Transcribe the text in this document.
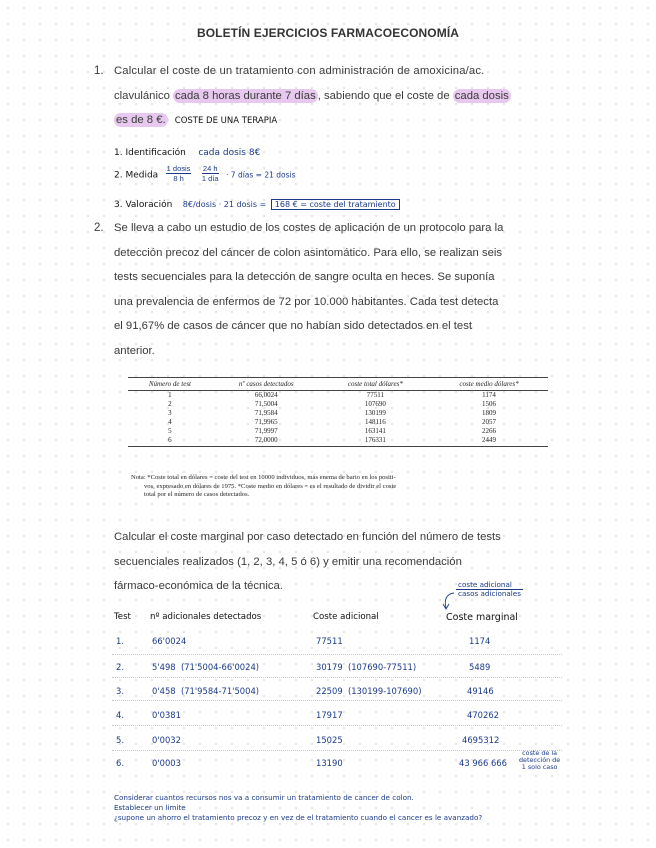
BOLETÍN EJERCICIOS FARMACOECONOMÍA
1. Calcular el coste de un tratamiento con administración de amoxicina/ac.
clavulánico cada 8 horas durante 7 días , sabiendo que el coste de cada dosis
es de 8 €. COSTE DE UNA TERAPIA
1. Identificación cada dosis 8€
2. Medida $\frac{\text{1 dosis}}{8 h} \frac{24 h}{\text{1 día}} \cdot 7$ días = 21 dosis
3. Valoración 8€/dosis · 21 dosis = 168 € = coste del tratamiento
2. Se lleva a cabo un estudio de los costes de aplicación de un protocolo para la
detección precoz del cáncer de colon asintomático. Para ello, se realizan seis
tests secuenciales para la detección de sangre oculta en heces. Se suponía
una prevalencia de enfermos de 72 por 10.000 habitantes. Cada test detecta
el 91,67% de casos de cáncer que no habían sido detectados en el test
anterior.
Número de test	nº casos detectados	coste total dólares*	coste medio dólares*
1	66,0024	77511	1174
2	71,5004	107690	1506
3	71,9584	130199	1809
4	71,9965	148116	2057
5	71,9997	163141	2266
6	72,0000	176331	2449
Nota: *Coste total en dólares = coste del test en 10000 individuos, más enema de bario en los positi-
vos, expresado en dólares de 1975. *Coste medio en dólares = es el resultado de dividir el coste
total por el número de casos detectados.
Calcular el coste marginal por caso detectado en función del número de tests
secuenciales realizados (1, 2, 3, 4, 5 ó 6) y emitir una recomendación
fármaco-económica de la técnica.	coste adicional
casos adicionales
Test nº adicionales detectados	Coste adicional	Coste marginal
1.	66'0024	77511	1174
2.	5'498  (71'5004-66'0024)	30179  (107690-77511)	5489
3.	0'458  (71'9584-71'5004)	22509  (130199-107690)	49146
4.	0'0381	17917	470262
5.	0'0032	15025	4695312
6.	0'0003	13190	43 966 666
coste de la
detección de
1 solo caso
Considerar cuantos recursos nos va a consumir un tratamiento de cancer de colon.
Establecer un limite
¿supone un ahorro el tratamiento precoz y en vez de el tratamiento cuando el cancer es le avanzado?
